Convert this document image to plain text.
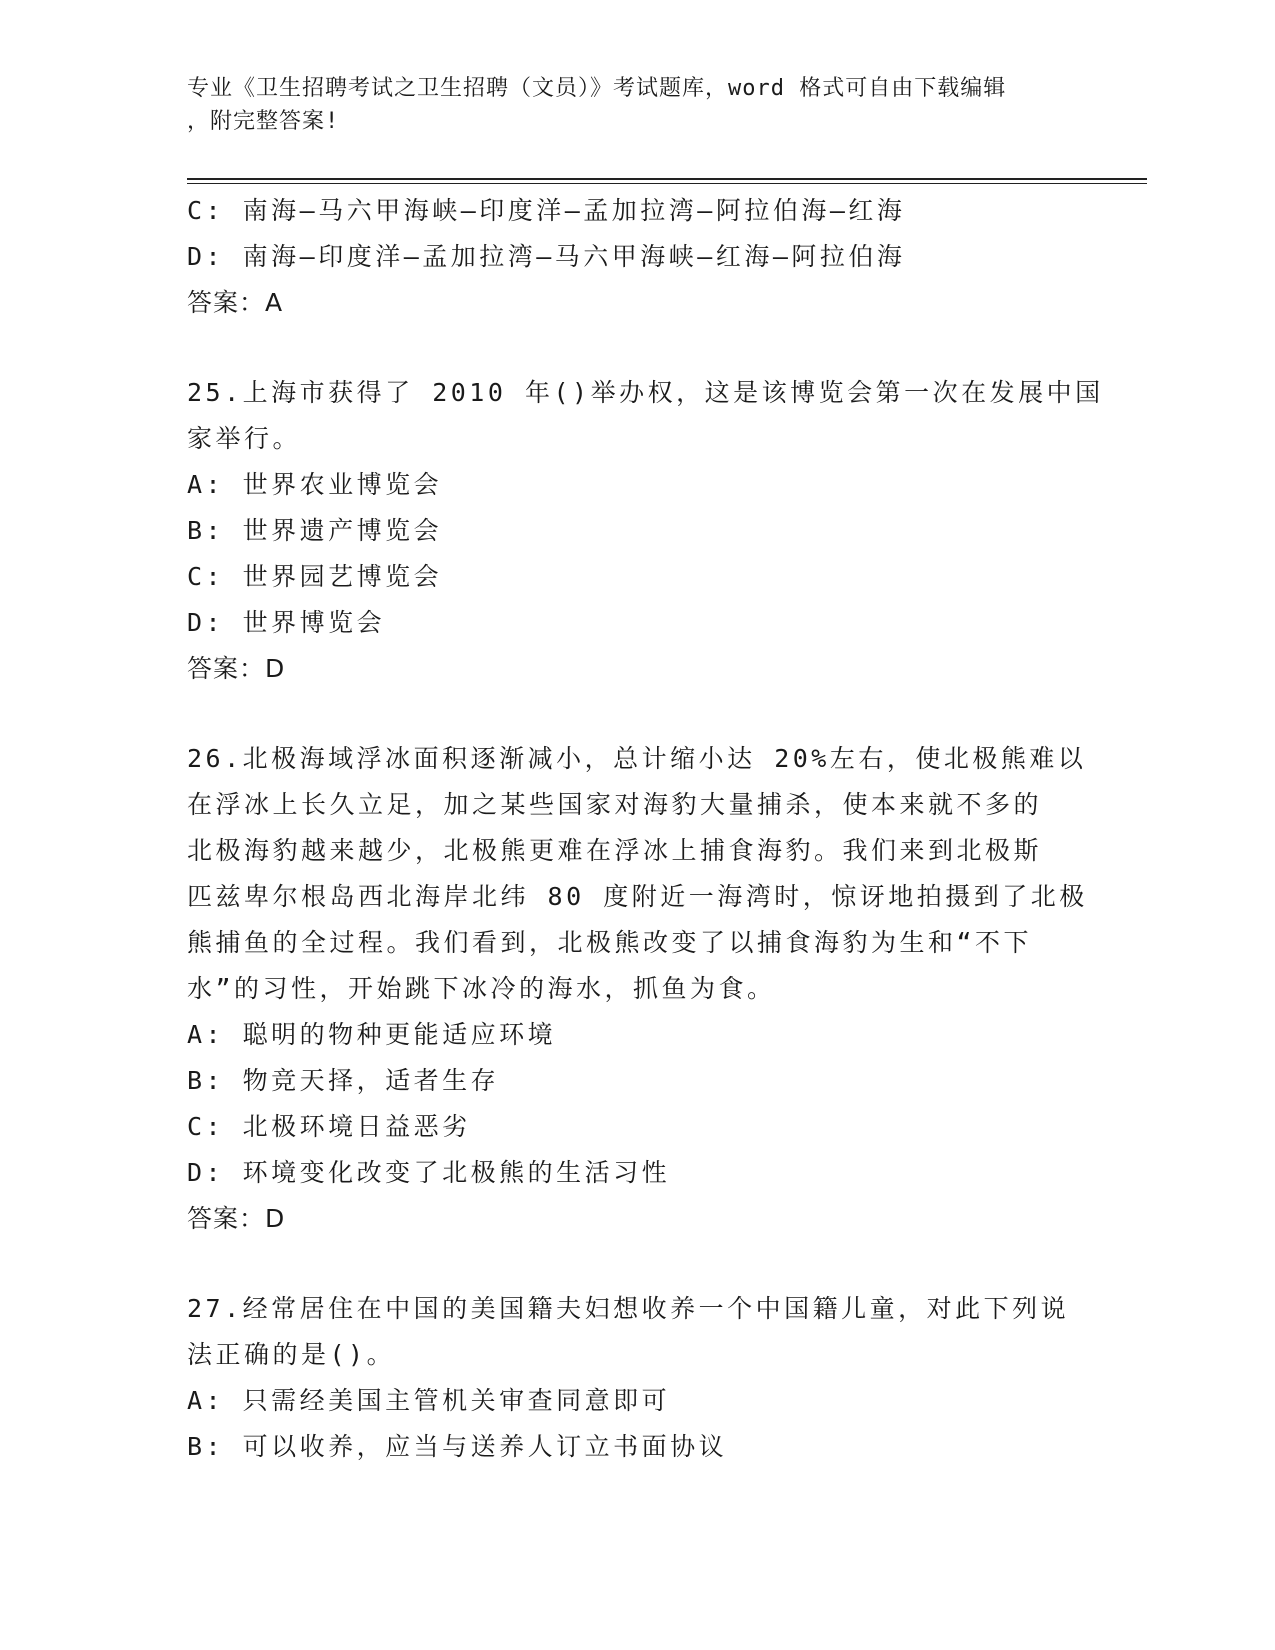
专业《卫生招聘考试之卫生招聘（文员）》考试题库，word 格式可自由下载编辑
，附完整答案!
C: 南海—马六甲海峡—印度洋—孟加拉湾—阿拉伯海—红海
D: 南海—印度洋—孟加拉湾—马六甲海峡—红海—阿拉伯海
答案：A
25.上海市获得了 2010 年()举办权，这是该博览会第一次在发展中国
家举行。
A: 世界农业博览会
B: 世界遗产博览会
C: 世界园艺博览会
D: 世界博览会
答案：D
26.北极海域浮冰面积逐渐减小，总计缩小达 20%左右，使北极熊难以
在浮冰上长久立足，加之某些国家对海豹大量捕杀，使本来就不多的
北极海豹越来越少，北极熊更难在浮冰上捕食海豹。我们来到北极斯
匹兹卑尔根岛西北海岸北纬 80 度附近一海湾时，惊讶地拍摄到了北极
熊捕鱼的全过程。我们看到，北极熊改变了以捕食海豹为生和“不下
水”的习性，开始跳下冰冷的海水，抓鱼为食。
A: 聪明的物种更能适应环境
B: 物竞天择，适者生存
C: 北极环境日益恶劣
D: 环境变化改变了北极熊的生活习性
答案：D
27.经常居住在中国的美国籍夫妇想收养一个中国籍儿童，对此下列说
法正确的是()。
A: 只需经美国主管机关审查同意即可
B: 可以收养，应当与送养人订立书面协议
